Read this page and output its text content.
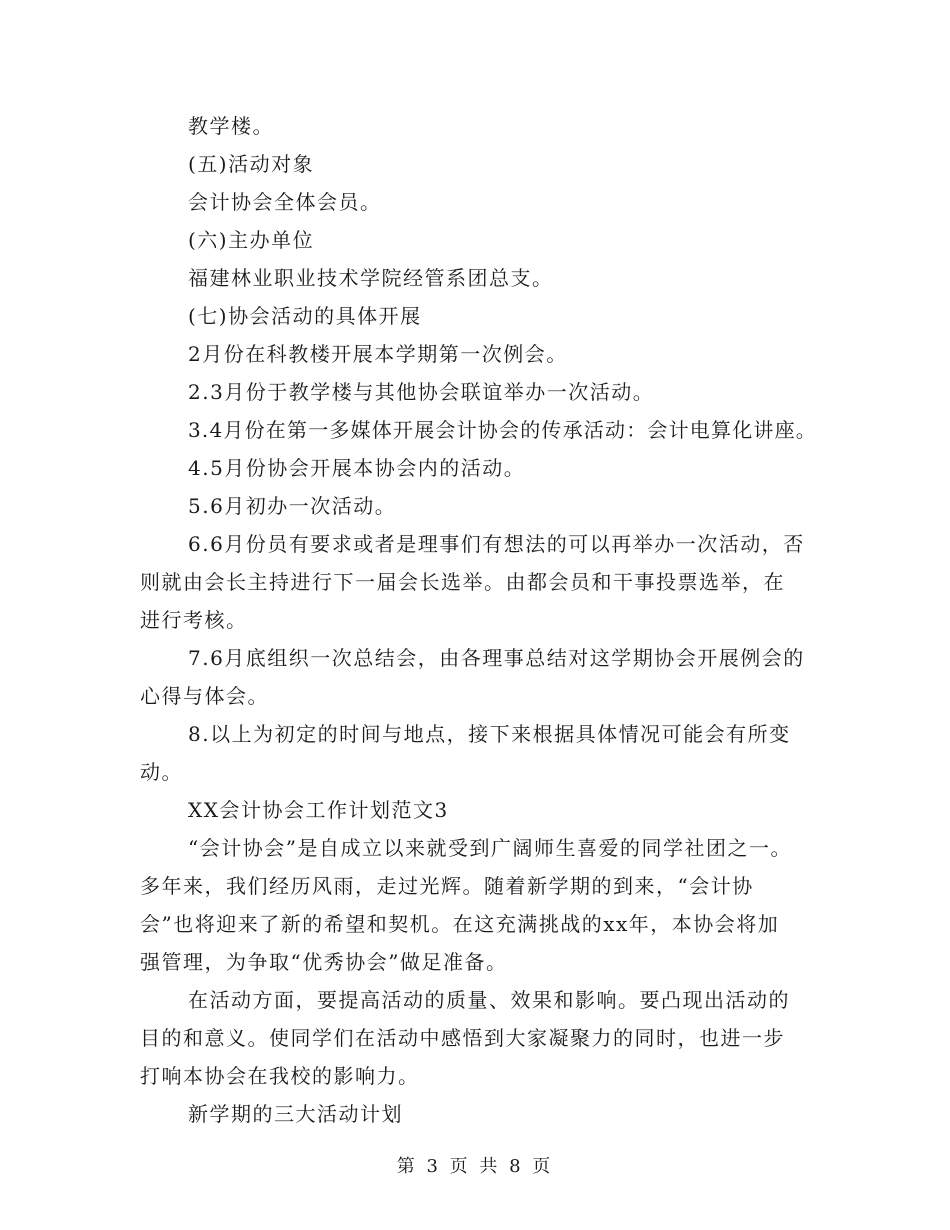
教学楼。
(五)活动对象
会计协会全体会员。
(六)主办单位
福建林业职业技术学院经管系团总支。
(七)协会活动的具体开展
2月份在科教楼开展本学期第一次例会。
2.3月份于教学楼与其他协会联谊举办一次活动。
3.4月份在第一多媒体开展会计协会的传承活动：会计电算化讲座。
4.5月份协会开展本协会内的活动。
5.6月初办一次活动。
6.6月份员有要求或者是理事们有想法的可以再举办一次活动，否
则就由会长主持进行下一届会长选举。由都会员和干事投票选举，在
进行考核。
7.6月底组织一次总结会，由各理事总结对这学期协会开展例会的
心得与体会。
8.以上为初定的时间与地点，接下来根据具体情况可能会有所变
动。
XX会计协会工作计划范文3
“会计协会”是自成立以来就受到广阔师生喜爱的同学社团之一。
多年来，我们经历风雨，走过光辉。随着新学期的到来，“会计协
会”也将迎来了新的希望和契机。在这充满挑战的xx年，本协会将加
强管理，为争取“优秀协会”做足准备。
在活动方面，要提高活动的质量、效果和影响。要凸现出活动的
目的和意义。使同学们在活动中感悟到大家凝聚力的同时，也进一步
打响本协会在我校的影响力。
新学期的三大活动计划
第 3 页 共 8 页
